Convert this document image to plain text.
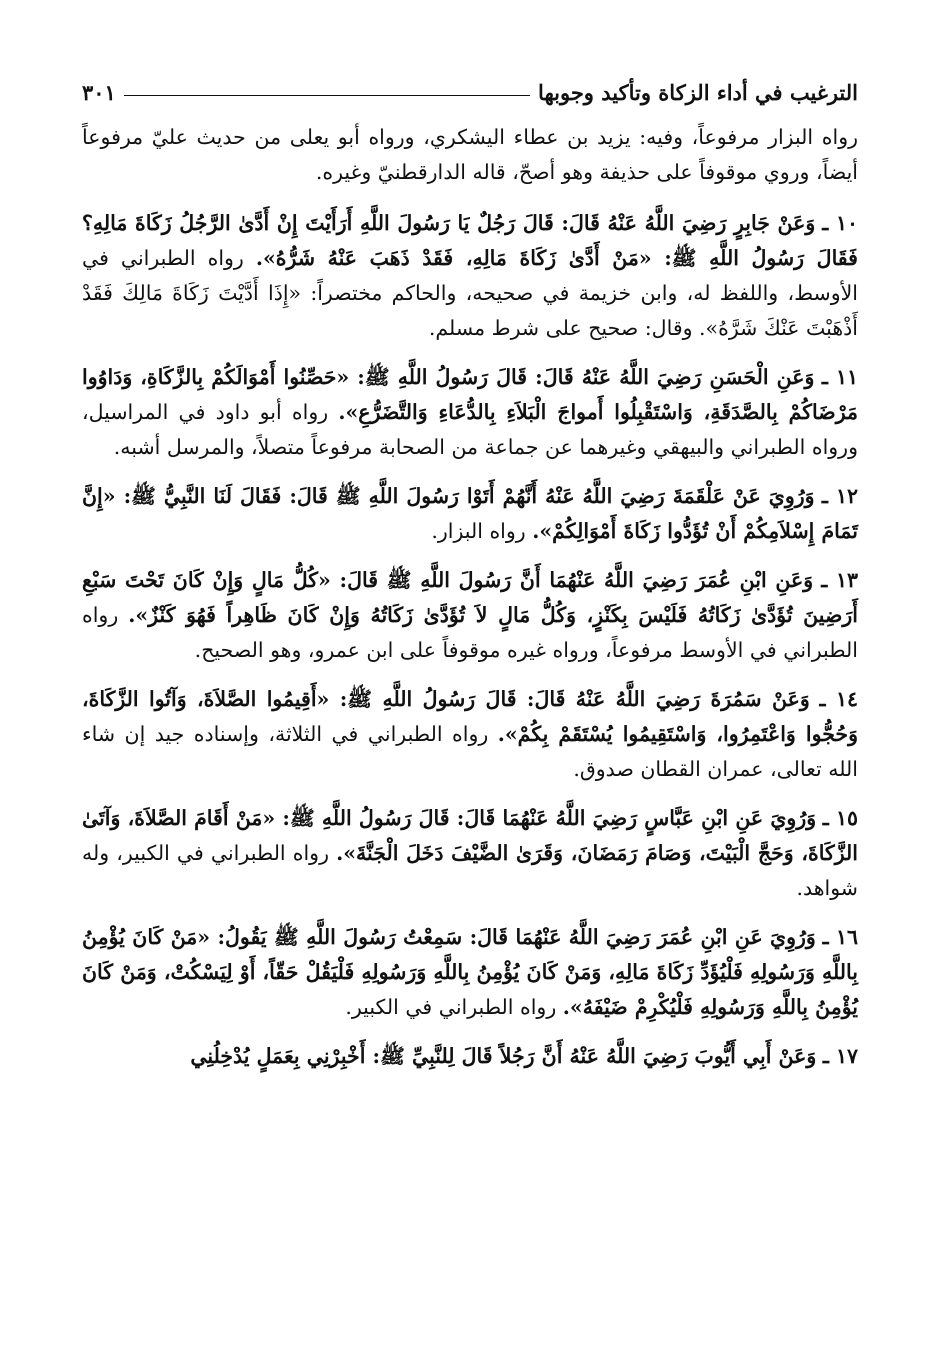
الترغيب في أداء الزكاة وتأكيد وجوبها
٣٠١

رواه البزار مرفوعاً، وفيه: يزيد بن عطاء اليشكري، ورواه أبو يعلى من حديث عليّ مرفوعاً أيضاً، وروي موقوفاً على حذيفة وهو أصحّ، قاله الدارقطنيّ وغيره.

١٠ ـ وَعَنْ جَابِرٍ رَضِيَ اللَّهُ عَنْهُ قَالَ: قَالَ رَجُلٌ يَا رَسُولَ اللَّهِ أَرَأَيْتَ إِنْ أَدَّىٰ الرَّجُلُ زَكَاةَ مَالِهِ؟ فَقَالَ رَسُولُ اللَّهِ ﷺ: «مَنْ أَدَّىٰ زَكَاةَ مَالِهِ، فَقَدْ ذَهَبَ عَنْهُ شَرُّهُ». رواه الطبراني في الأوسط، واللفظ له، وابن خزيمة في صحيحه، والحاكم مختصراً: «إِذَا أَدَّيْتَ زَكَاةَ مَالِكَ فَقَدْ أَذْهَبْتَ عَنْكَ شَرَّهُ». وقال: صحيح على شرط مسلم.

١١ ـ وَعَنِ الْحَسَنِ رَضِيَ اللَّهُ عَنْهُ قَالَ: قَالَ رَسُولُ اللَّهِ ﷺ: «حَصِّنُوا أَمْوَالَكُمْ بِالزَّكَاةِ، وَدَاوُوا مَرْضَاكُمْ بِالصَّدَقَةِ، وَاسْتَقْبِلُوا أَمواجَ الْبَلاَءِ بِالدُّعَاءِ وَالتَّضَرُّعِ». رواه أبو داود في المراسيل، ورواه الطبراني والبيهقي وغيرهما عن جماعة من الصحابة مرفوعاً متصلاً، والمرسل أشبه.

١٢ ـ وَرُوِيَ عَنْ عَلْقَمَةَ رَضِيَ اللَّهُ عَنْهُ أَنَّهُمْ أَتَوْا رَسُولَ اللَّهِ ﷺ قَالَ: فَقَالَ لَنَا النَّبِيُّ ﷺ: «إِنَّ تَمَامَ إِسْلاَمِكُمْ أَنْ تُؤَدُّوا زَكَاةَ أَمْوَالِكُمْ». رواه البزار.

١٣ ـ وَعَنِ ابْنِ عُمَرَ رَضِيَ اللَّهُ عَنْهُمَا أَنَّ رَسُولَ اللَّهِ ﷺ قَالَ: «كُلُّ مَالٍ وَإِنْ كَانَ تَحْتَ سَبْعِ أَرَضِينَ تُؤَدَّىٰ زَكَاتُهُ فَلَيْسَ بِكَنْزٍ، وَكُلُّ مَالٍ لاَ تُؤَدَّىٰ زَكَاتُهُ وَإِنْ كَانَ ظَاهِراً فَهُوَ كَنْزٌ». رواه الطبراني في الأوسط مرفوعاً، ورواه غيره موقوفاً على ابن عمرو، وهو الصحيح.

١٤ ـ وَعَنْ سَمُرَةَ رَضِيَ اللَّهُ عَنْهُ قَالَ: قَالَ رَسُولُ اللَّهِ ﷺ: «أَقِيمُوا الصَّلاَةَ، وَآتُوا الزَّكَاةَ، وَحُجُّوا وَاعْتَمِرُوا، وَاسْتَقِيمُوا يُسْتَقَمْ بِكُمْ». رواه الطبراني في الثلاثة، وإسناده جيد إن شاء الله تعالى، عمران القطان صدوق.

١٥ ـ وَرُوِيَ عَنِ ابْنِ عَبَّاسٍ رَضِيَ اللَّهُ عَنْهُمَا قَالَ: قَالَ رَسُولُ اللَّهِ ﷺ: «مَنْ أَقَامَ الصَّلاَةَ، وَآتَىٰ الزَّكَاةَ، وَحَجَّ الْبَيْتَ، وَصَامَ رَمَضَانَ، وَقَرَىٰ الضَّيْفَ دَخَلَ الْجَنَّةَ». رواه الطبراني في الكبير، وله شواهد.

١٦ ـ وَرُوِيَ عَنِ ابْنِ عُمَرَ رَضِيَ اللَّهُ عَنْهُمَا قَالَ: سَمِعْتُ رَسُولَ اللَّهِ ﷺ يَقُولُ: «مَنْ كَانَ يُؤْمِنُ بِاللَّهِ وَرَسُولِهِ فَلْيُؤَدِّ زَكَاةَ مَالِهِ، وَمَنْ كَانَ يُؤْمِنُ بِاللَّهِ وَرَسُولِهِ فَلْيَقُلْ حَقّاً، أَوْ لِيَسْكُتْ، وَمَنْ كَانَ يُؤْمِنُ بِاللَّهِ وَرَسُولِهِ فَلْيُكْرِمْ ضَيْفَهُ». رواه الطبراني في الكبير.

١٧ ـ وَعَنْ أَبِي أَيُّوبَ رَضِيَ اللَّهُ عَنْهُ أَنَّ رَجُلاً قَالَ لِلنَّبِيِّ ﷺ: أَخْبِرْنِي بِعَمَلٍ يُدْخِلُنِي
